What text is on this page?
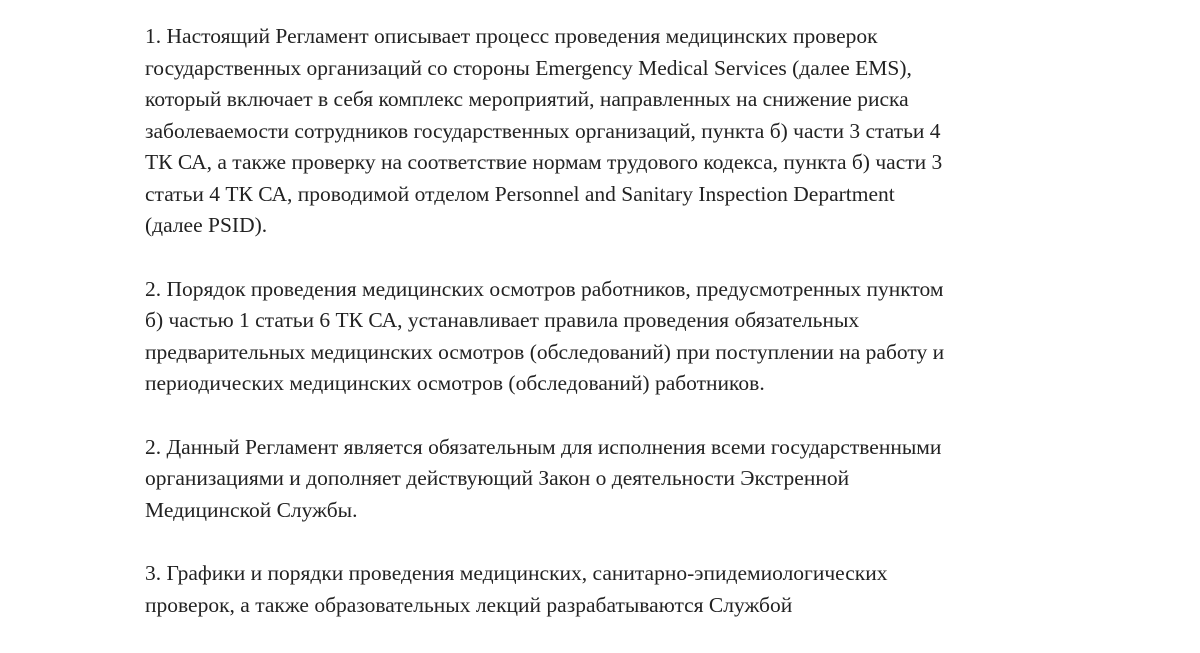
1. Настоящий Регламент описывает процесс проведения медицинских проверок
государственных организаций со стороны Emergency Medical Services (далее EMS),
который включает в себя комплекс мероприятий, направленных на снижение риска
заболеваемости сотрудников государственных организаций, пункта б) части 3 статьи 4
ТК СА, а также проверку на соответствие нормам трудового кодекса, пункта б) части 3
статьи 4 ТК СА, проводимой отделом Personnel and Sanitary Inspection Department
(далее PSID).

2. Порядок проведения медицинских осмотров работников, предусмотренных пунктом
б) частью 1 статьи 6 ТК СА, устанавливает правила проведения обязательных
предварительных медицинских осмотров (обследований) при поступлении на работу и
периодических медицинских осмотров (обследований) работников.

2. Данный Регламент является обязательным для исполнения всеми государственными
организациями и дополняет действующий Закон о деятельности Экстренной
Медицинской Службы.

3. Графики и порядки проведения медицинских, санитарно-эпидемиологических
проверок, а также образовательных лекций разрабатываются Службой
